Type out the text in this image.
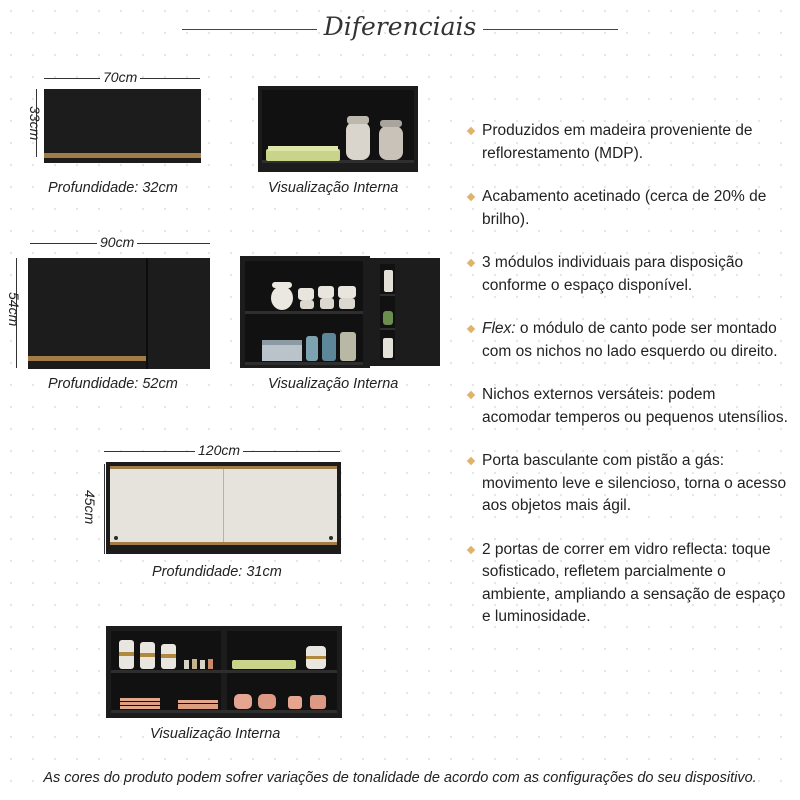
Diferenciais
70cm
33cm
Profundidade: 32cm	Visualização Interna
90cm
54cm
Profundidade: 52cm	Visualização Interna
120cm
45cm
Profundidade: 31cm
Visualização Interna
Produzidos em madeira proveniente de reflorestamento (MDP).
Acabamento acetinado (cerca de 20% de brilho).
3 módulos individuais para disposição conforme o espaço disponível.
Flex: o módulo de canto pode ser montado com os nichos no lado esquerdo ou direito.
Nichos externos versáteis: podem acomodar temperos ou pequenos utensílios.
Porta basculante com pistão a gás: movimento leve e silencioso, torna o acesso aos objetos mais ágil.
2 portas de correr em vidro reflecta: toque sofisticado, refletem parcialmente o ambiente, ampliando a sensação de espaço e luminosidade.
As cores do produto podem sofrer variações de tonalidade de acordo com as configurações do seu dispositivo.
